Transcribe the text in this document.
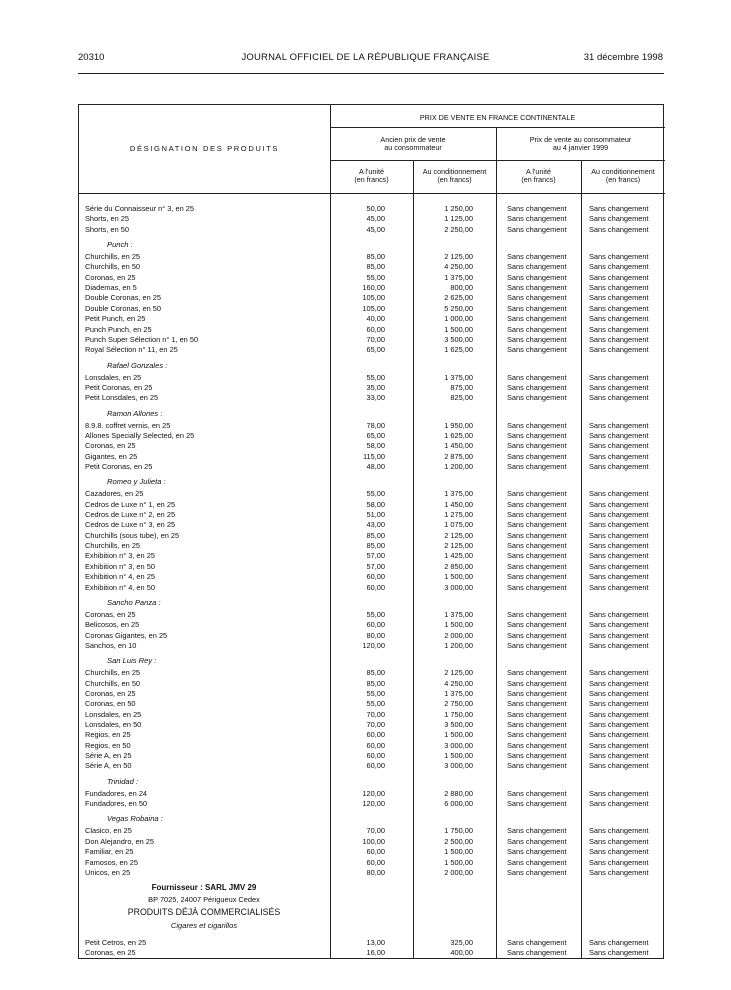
20310	JOURNAL OFFICIEL DE LA RÉPUBLIQUE FRANÇAISE	31 décembre 1998
DÉSIGNATION DES PRODUITS
PRIX DE VENTE EN FRANCE CONTINENTALE
Ancien prix de vente
au consommateur
Prix de vente au consommateur
au 4 janvier 1999
A l'unité
(en francs)
Au conditionnement
(en francs)
A l'unité
(en francs)
Au conditionnement
(en francs)
Série du Connaisseur n° 3, en 25	50,00	1 250,00	Sans changement	Sans changement
Shorts, en 25	45,00	1 125,00	Sans changement	Sans changement
Shorts, en 50	45,00	2 250,00	Sans changement	Sans changement
Punch :
Churchills, en 25	85,00	2 125,00	Sans changement	Sans changement
Churchills, en 50	85,00	4 250,00	Sans changement	Sans changement
Coronas, en 25	55,00	1 375,00	Sans changement	Sans changement
Diademas, en 5	160,00	800,00	Sans changement	Sans changement
Double Coronas, en 25	105,00	2 625,00	Sans changement	Sans changement
Double Coronas, en 50	105,00	5 250,00	Sans changement	Sans changement
Petit Punch, en 25	40,00	1 000,00	Sans changement	Sans changement
Punch Punch, en 25	60,00	1 500,00	Sans changement	Sans changement
Punch Super Sélection n° 1, en 50	70,00	3 500,00	Sans changement	Sans changement
Royal Sélection n° 11, en 25	65,00	1 625,00	Sans changement	Sans changement
Rafael Gonzales :
Lonsdales, en 25	55,00	1 375,00	Sans changement	Sans changement
Petit Coronas, en 25	35,00	875,00	Sans changement	Sans changement
Petit Lonsdales, en 25	33,00	825,00	Sans changement	Sans changement
Ramon Allones :
8.9.8. coffret vernis, en 25	78,00	1 950,00	Sans changement	Sans changement
Allones Specially Selected, en 25	65,00	1 625,00	Sans changement	Sans changement
Coronas, en 25	58,00	1 450,00	Sans changement	Sans changement
Gigantes, en 25	115,00	2 875,00	Sans changement	Sans changement
Petit Coronas, en 25	48,00	1 200,00	Sans changement	Sans changement
Romeo y Julieta :
Cazadores, en 25	55,00	1 375,00	Sans changement	Sans changement
Cedros de Luxe n° 1, en 25	58,00	1 450,00	Sans changement	Sans changement
Cedros de Luxe n° 2, en 25	51,00	1 275,00	Sans changement	Sans changement
Cedros de Luxe n° 3, en 25	43,00	1 075,00	Sans changement	Sans changement
Churchills (sous tube), en 25	85,00	2 125,00	Sans changement	Sans changement
Churchills, en 25	85,00	2 125,00	Sans changement	Sans changement
Exhibition n° 3, en 25	57,00	1 425,00	Sans changement	Sans changement
Exhibition n° 3, en 50	57,00	2 850,00	Sans changement	Sans changement
Exhibition n° 4, en 25	60,00	1 500,00	Sans changement	Sans changement
Exhibition n° 4, en 50	60,00	3 000,00	Sans changement	Sans changement
Sancho Panza :
Coronas, en 25	55,00	1 375,00	Sans changement	Sans changement
Belicosos, en 25	60,00	1 500,00	Sans changement	Sans changement
Coronas Gigantes, en 25	80,00	2 000,00	Sans changement	Sans changement
Sanchos, en 10	120,00	1 200,00	Sans changement	Sans changement
San Luis Rey :
Churchills, en 25	85,00	2 125,00	Sans changement	Sans changement
Churchills, en 50	85,00	4 250,00	Sans changement	Sans changement
Coronas, en 25	55,00	1 375,00	Sans changement	Sans changement
Coronas, en 50	55,00	2 750,00	Sans changement	Sans changement
Lonsdales, en 25	70,00	1 750,00	Sans changement	Sans changement
Lonsdales, en 50	70,00	3 500,00	Sans changement	Sans changement
Regios, en 25	60,00	1 500,00	Sans changement	Sans changement
Regios, en 50	60,00	3 000,00	Sans changement	Sans changement
Série A, en 25	60,00	1 500,00	Sans changement	Sans changement
Série A, en 50	60,00	3 000,00	Sans changement	Sans changement
Trinidad :
Fundadores, en 24	120,00	2 880,00	Sans changement	Sans changement
Fundadores, en 50	120,00	6 000,00	Sans changement	Sans changement
Vegas Robaina :
Clasico, en 25	70,00	1 750,00	Sans changement	Sans changement
Don Alejandro, en 25	100,00	2 500,00	Sans changement	Sans changement
Familiar, en 25	60,00	1 500,00	Sans changement	Sans changement
Famosos, en 25	60,00	1 500,00	Sans changement	Sans changement
Unicos, en 25	80,00	2 000,00	Sans changement	Sans changement
Fournisseur : SARL JMV 29
BP 7025, 24007 Périgueux Cedex
PRODUITS DÉJÀ COMMERCIALISÉS
Cigares et cigarillos
Petit Cetros, en 25	13,00	325,00	Sans changement	Sans changement
Coronas, en 25	16,00	400,00	Sans changement	Sans changement
